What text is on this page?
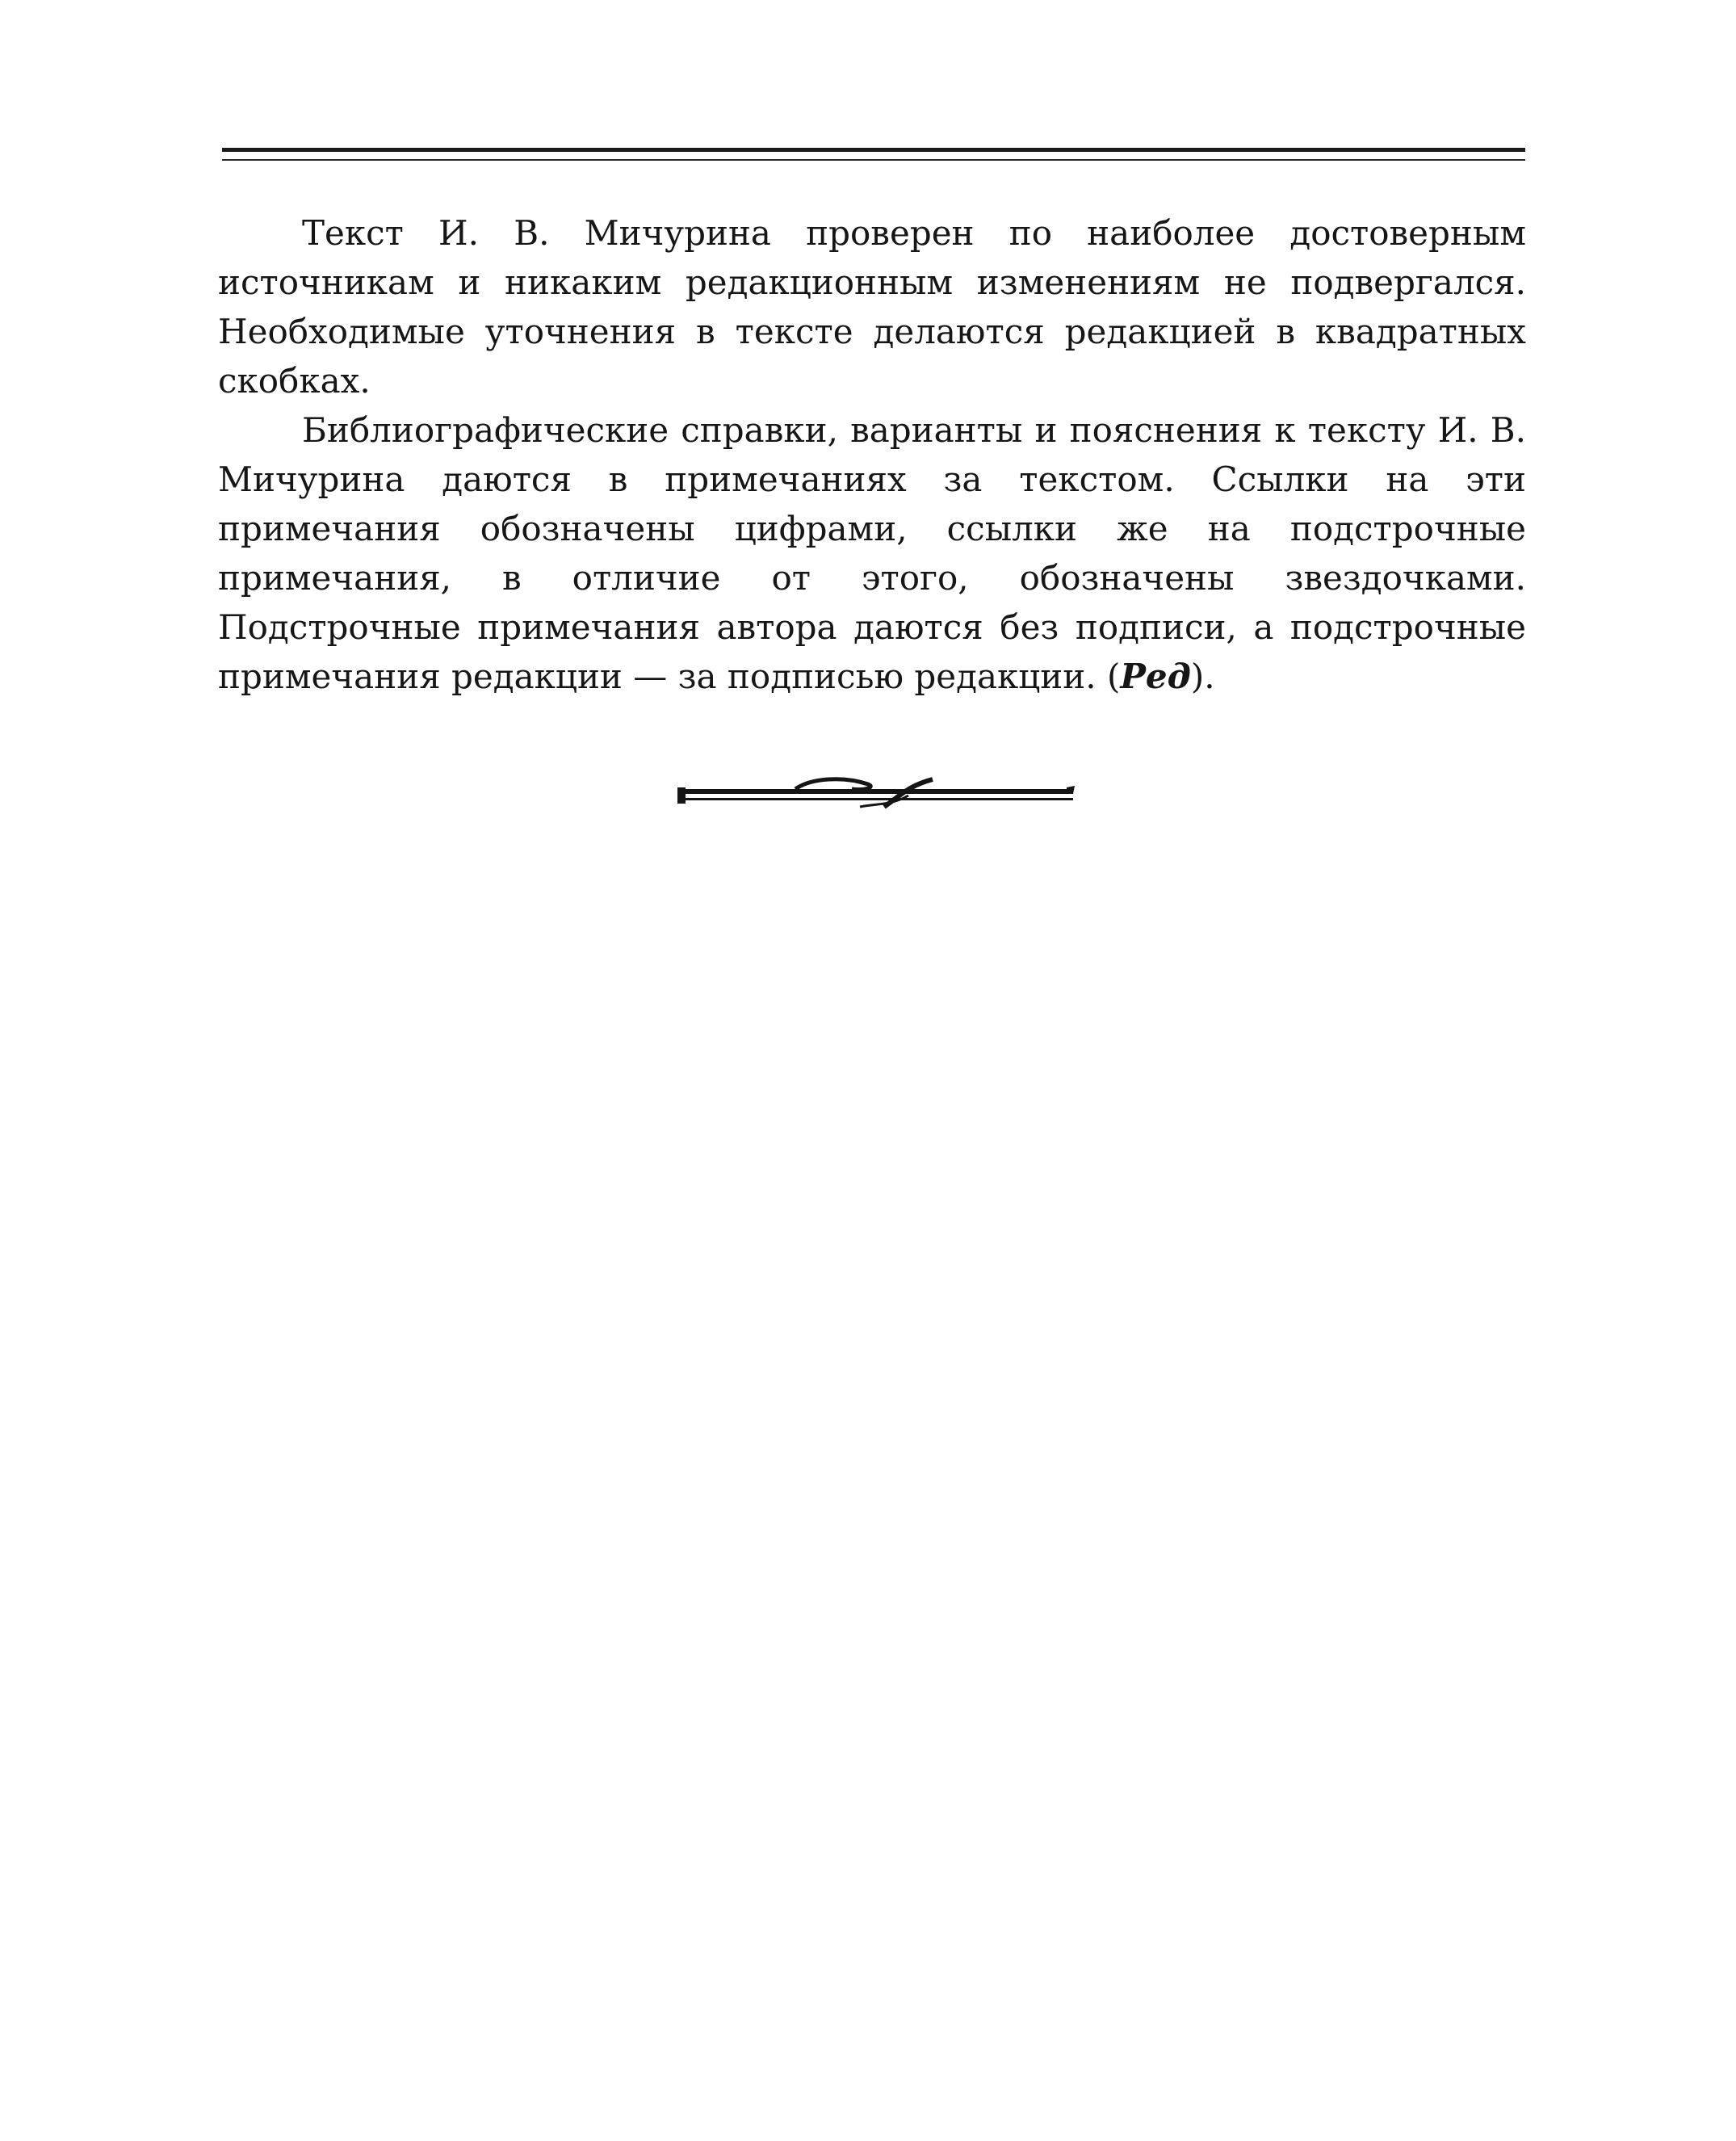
Текст И. В. Мичурина проверен по наиболее достоверным источникам и никаким редакционным изменениям не подвергался. Необходимые уточнения в тексте делаются редакцией в квадратных скобках.

Библиографические справки, варианты и пояснения к тексту И. В. Мичурина даются в примечаниях за текстом. Ссылки на эти примечания обозначены цифрами, ссылки же на подстрочные примечания, в отличие от этого, обозначены звездочками. Подстрочные примечания автора даются без подписи, а подстрочные примечания редакции — за подписью редакции. (Ред).
